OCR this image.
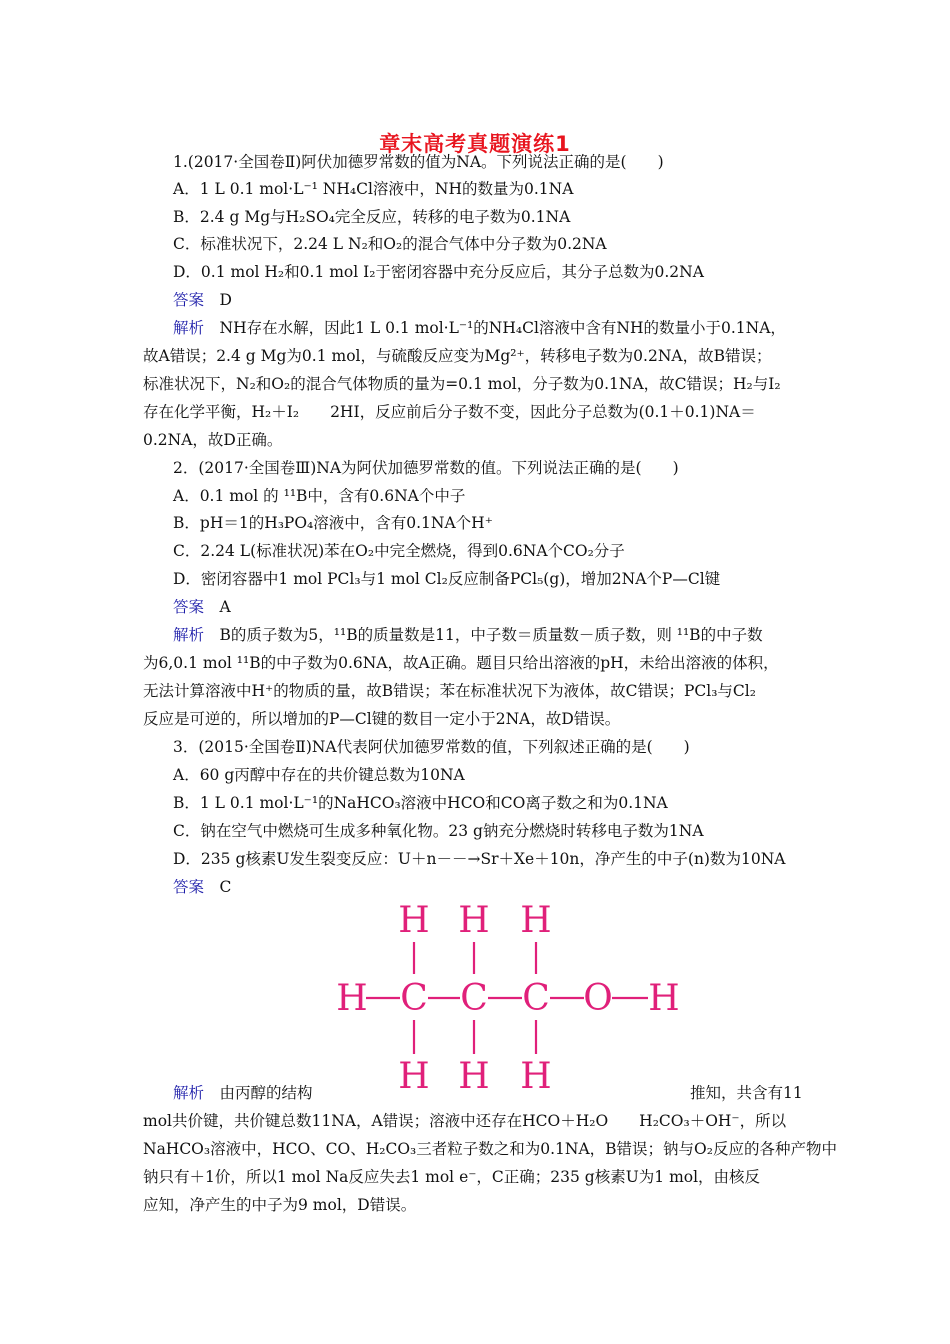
章末高考真题演练1
1.(2017·全国卷Ⅱ)阿伏加德罗常数的值为NA。下列说法正确的是(　　)
A．1 L 0.1 mol·L⁻¹ NH₄Cl溶液中，NH的数量为0.1NA
B．2.4 g Mg与H₂SO₄完全反应，转移的电子数为0.1NA
C．标准状况下，2.24 L N₂和O₂的混合气体中分子数为0.2NA
D．0.1 mol H₂和0.1 mol I₂于密闭容器中充分反应后，其分子总数为0.2NA
答案　 D
解析　 NH存在水解，因此1 L 0.1 mol·L⁻¹的NH₄Cl溶液中含有NH的数量小于0.1NA，
故A错误；2.4 g Mg为0.1 mol，与硫酸反应变为Mg²⁺，转移电子数为0.2NA，故B错误；
标准状况下，N₂和O₂的混合气体物质的量为=0.1 mol，分子数为0.1NA，故C错误；H₂与I₂
存在化学平衡，H₂＋I₂　　2HI，反应前后分子数不变，因此分子总数为(0.1＋0.1)NA＝
0.2NA，故D正确。
2．(2017·全国卷Ⅲ)NA为阿伏加德罗常数的值。下列说法正确的是(　　)
A．0.1 mol 的 ¹¹B中，含有0.6NA个中子
B．pH＝1的H₃PO₄溶液中，含有0.1NA个H⁺
C．2.24 L(标准状况)苯在O₂中完全燃烧，得到0.6NA个CO₂分子
D．密闭容器中1 mol PCl₃与1 mol Cl₂反应制备PCl₅(g)，增加2NA个P—Cl键
答案　 A
解析　 B的质子数为5，¹¹B的质量数是11，中子数＝质量数－质子数，则 ¹¹B的中子数
为6,0.1 mol ¹¹B的中子数为0.6NA，故A正确。题目只给出溶液的pH，未给出溶液的体积，
无法计算溶液中H⁺的物质的量，故B错误；苯在标准状况下为液体，故C错误；PCl₃与Cl₂
反应是可逆的，所以增加的P—Cl键的数目一定小于2NA，故D错误。
3．(2015·全国卷Ⅱ)NA代表阿伏加德罗常数的值，下列叙述正确的是(　　)
A．60 g丙醇中存在的共价键总数为10NA
B．1 L 0.1 mol·L⁻¹的NaHCO₃溶液中HCO和CO离子数之和为0.1NA
C．钠在空气中燃烧可生成多种氧化物。23 g钠充分燃烧时转移电子数为1NA
D．235 g核素U发生裂变反应：U＋n－－→Sr＋Xe＋10n，净产生的中子(n)数为10NA
答案　 C
H H H
H C C C O H
H H H
解析　 由丙醇的结构	推知，共含有11
mol共价键，共价键总数11NA，A错误；溶液中还存在HCO＋H₂O　　H₂CO₃＋OH⁻，所以
NaHCO₃溶液中，HCO、CO、H₂CO₃三者粒子数之和为0.1NA，B错误；钠与O₂反应的各种产物中
钠只有＋1价，所以1 mol Na反应失去1 mol e⁻，C正确；235 g核素U为1 mol，由核反
应知，净产生的中子为9 mol，D错误。
